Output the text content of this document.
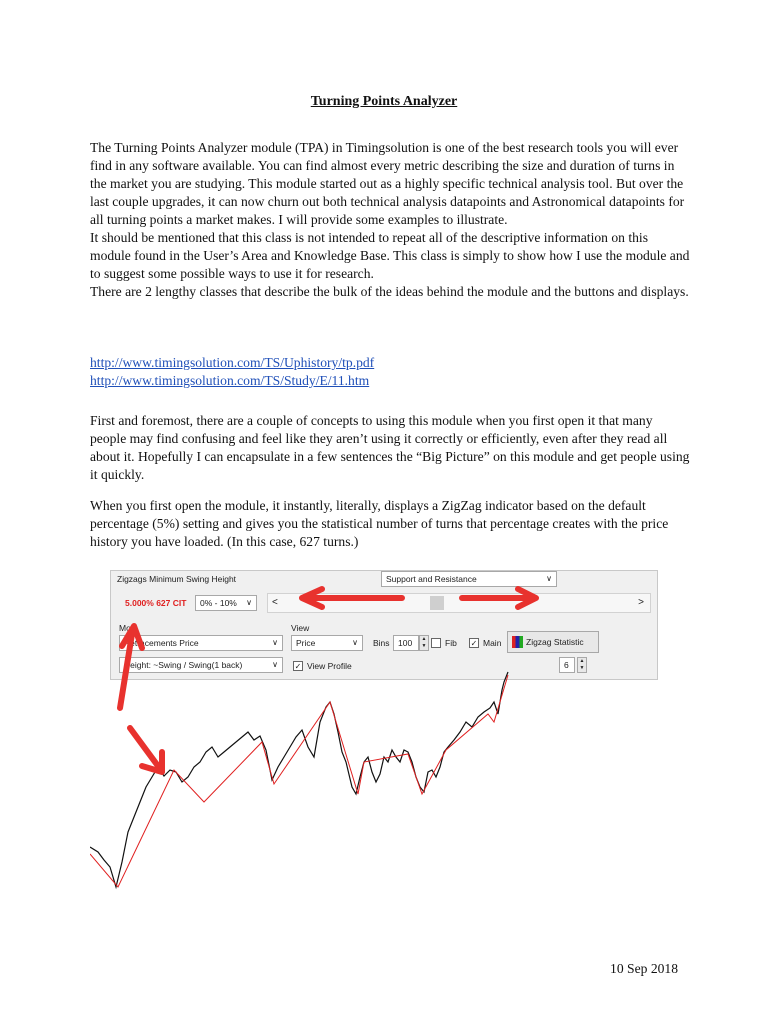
Turning Points Analyzer
The Turning Points Analyzer module (TPA) in Timingsolution is one of the best research tools you will ever find in any software available. You can find almost every metric describing the size and duration of turns in the market you are studying. This module started out as a highly specific technical analysis tool. But over the last couple upgrades, it can now churn out both technical analysis datapoints and Astronomical datapoints for all turning points a market makes. I will provide some examples to illustrate.
It should be mentioned that this class is not intended to repeat all of the descriptive information on this module found in the User’s Area and Knowledge Base. This class is simply to show how I use the module and to suggest some possible ways to use it for research.
There are 2 lengthy classes that describe the bulk of the ideas behind the module and the buttons and displays.
http://www.timingsolution.com/TS/Uphistory/tp.pdf
http://www.timingsolution.com/TS/Study/E/11.htm
First and foremost, there are a couple of concepts to using this module when you first open it that many people may find confusing and feel like they aren’t using it correctly or efficiently, even after they read all about it. Hopefully I can encapsulate in a few sentences the “Big Picture” on this module and get people using it quickly.
When you first open the module, it instantly, literally, displays a ZigZag indicator based on the default percentage (5%) setting and gives you the statistical number of turns that percentage creates with the price history you have loaded. (In this case, 627 turns.)
Zigzags Minimum Swing Height
5.000% 627 CIT	0% - 10% ∨ <	>
Mo
Retracements Price	∨
Height: ~Swing / Swing(1 back)	∨
View
Price	∨ Bins 100	▲
▼ Fib ✓ Main	Zigzag Statistic
✓ View Profile
Support and Resistance	∨
6	▲
▼
10 Sep 2018
